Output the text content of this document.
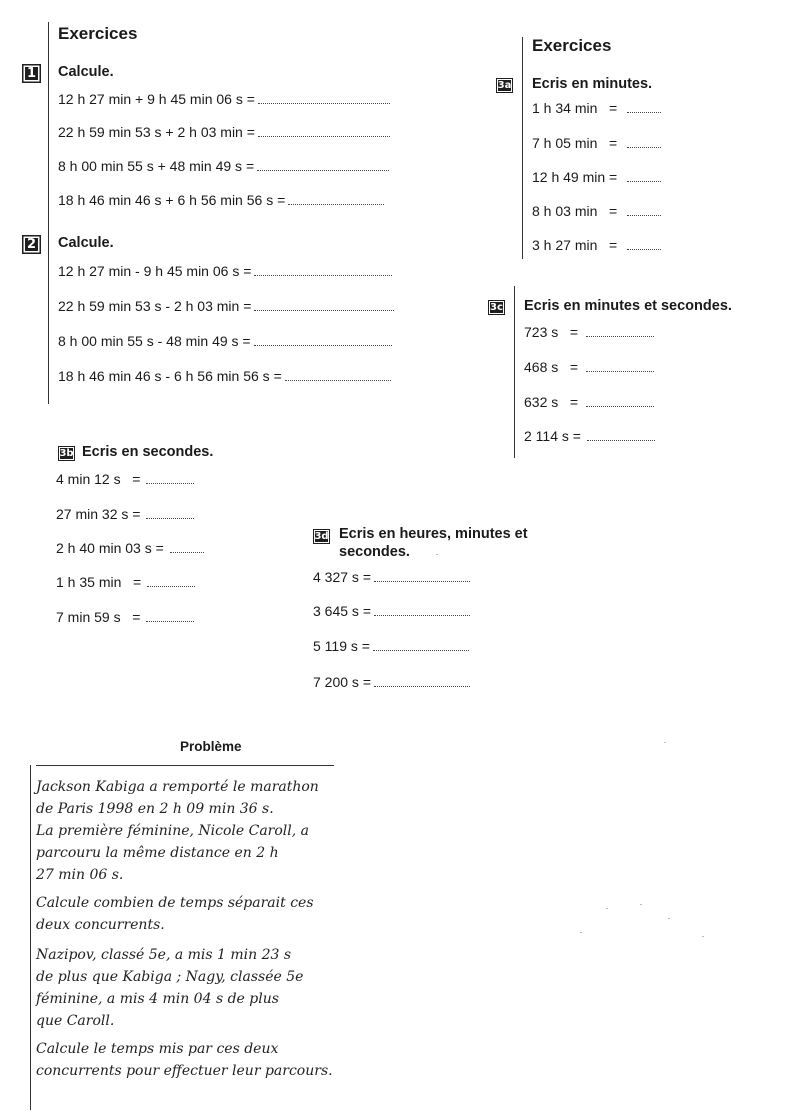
Exercices
1	Calcule.
12 h 27 min + 9 h 45 min 06 s =
22 h 59 min 53 s + 2 h 03 min =
8 h 00 min 55 s + 48 min 49 s =
18 h 46 min 46 s + 6 h 56 min 56 s =
2	Calcule.
12 h 27 min - 9 h 45 min 06 s =
22 h 59 min 53 s - 2 h 03 min =
8 h 00 min 55 s - 48 min 49 s =
18 h 46 min 46 s - 6 h 56 min 56 s =
Exercices
3a Ecris en minutes.
1 h 34 min   =
7 h 05 min   =
12 h 49 min =
8 h 03 min   =
3 h 27 min   =
3c Ecris en minutes et secondes.
723 s   =
468 s   =
632 s   =
2 114 s =
3b Ecris en secondes.
4 min 12 s   =
27 min 32 s =
2 h 40 min 03 s =
1 h 35 min   =
7 min 59 s   =
3d Ecris en heures, minutes et
secondes.
4 327 s =
3 645 s =
5 119 s =
7 200 s =
Problème
Jackson Kabiga a remporté le marathon
de Paris 1998 en 2 h 09 min 36 s.
La première féminine, Nicole Caroll, a
parcouru la même distance en 2 h
27 min 06 s.
Calcule combien de temps séparait ces
deux concurrents.
Nazipov, classé 5e, a mis 1 min 23 s
de plus que Kabiga ; Nagy, classée 5e
féminine, a mis 4 min 04 s de plus
que Caroll.
Calcule le temps mis par ces deux
concurrents pour effectuer leur parcours.
